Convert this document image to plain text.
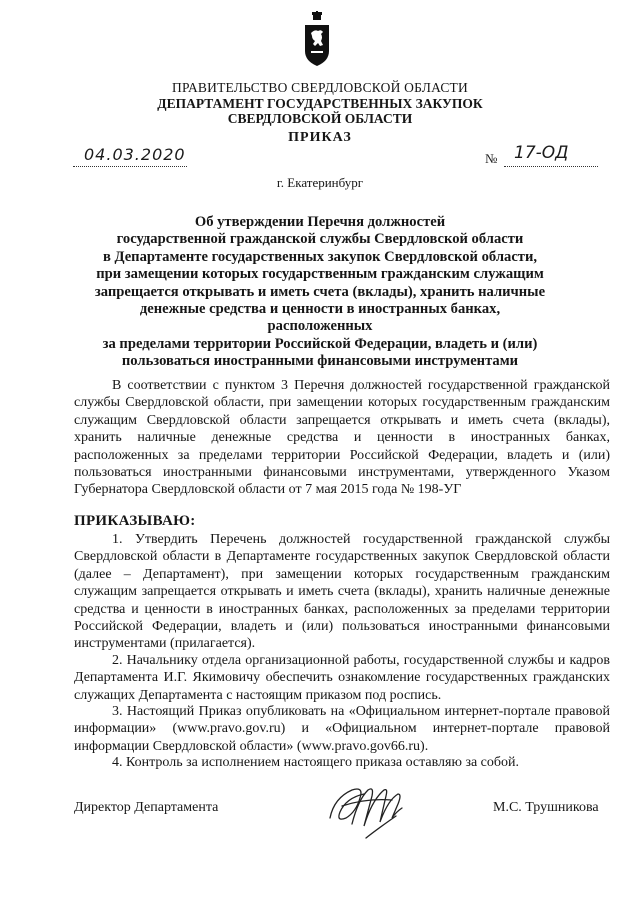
ПРАВИТЕЛЬСТВО СВЕРДЛОВСКОЙ ОБЛАСТИ
ДЕПАРТАМЕНТ ГОСУДАРСТВЕННЫХ ЗАКУПОК
СВЕРДЛОВСКОЙ ОБЛАСТИ
ПРИКАЗ
04.03.2020	№ 17-ОД
г. Екатеринбург
Об утверждении Перечня должностей
государственной гражданской службы Свердловской области
в Департаменте государственных закупок Свердловской области,
при замещении которых государственным гражданским служащим
запрещается открывать и иметь счета (вклады), хранить наличные
денежные средства и ценности в иностранных банках, расположенных
за пределами территории Российской Федерации, владеть и (или)
пользоваться иностранными финансовыми инструментами

В соответствии с пунктом 3 Перечня должностей государственной гражданской службы Свердловской области, при замещении которых государственным гражданским служащим Свердловской области запрещается открывать и иметь счета (вклады), хранить наличные денежные средства и ценности в иностранных банках, расположенных за пределами территории Российской Федерации, владеть и (или) пользоваться иностранными финансовыми инструментами, утвержденного Указом Губернатора Свердловской области от 7 мая 2015 года № 198-УГ

ПРИКАЗЫВАЮ:

1. Утвердить Перечень должностей государственной гражданской службы Свердловской области в Департаменте государственных закупок Свердловской области (далее – Департамент), при замещении которых государственным гражданским служащим запрещается открывать и иметь счета (вклады), хранить наличные денежные средства и ценности в иностранных банках, расположенных за пределами территории Российской Федерации, владеть и (или) пользоваться иностранными финансовыми инструментами (прилагается).

2. Начальнику отдела организационной работы, государственной службы и кадров Департамента И.Г. Якимовичу обеспечить ознакомление государственных гражданских служащих Департамента с настоящим приказом под роспись.

3. Настоящий Приказ опубликовать на «Официальном интернет-портале правовой информации» (www.pravo.gov.ru) и «Официальном интернет-портале правовой информации Свердловской области» (www.pravo.gov66.ru).

4. Контроль за исполнением настоящего приказа оставляю за собой.

Директор Департамента	М.С. Трушникова
